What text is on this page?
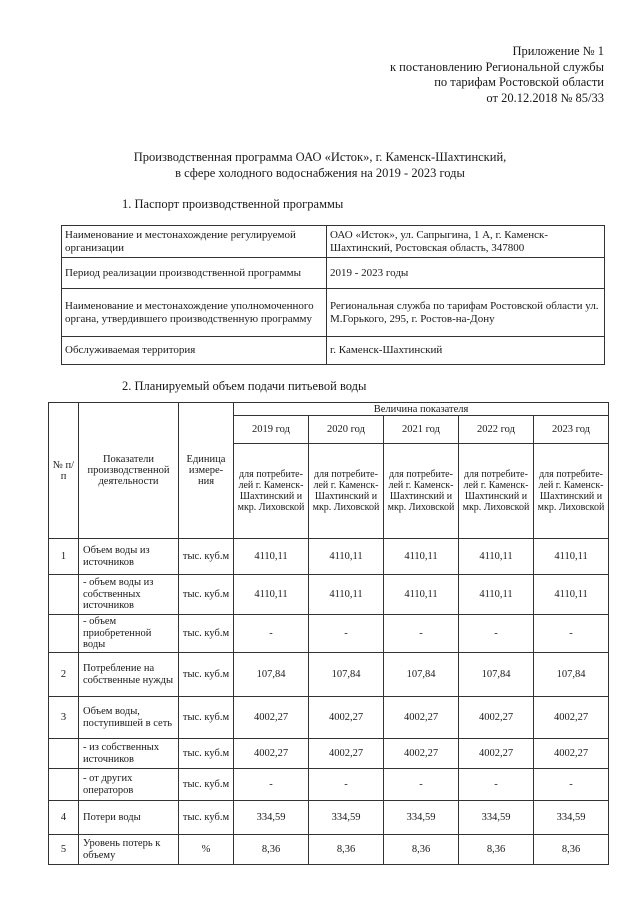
Приложение № 1
к постановлению Региональной службы
по тарифам Ростовской области
от 20.12.2018 № 85/33
Производственная программа ОАО «Исток», г. Каменск-Шахтинский,
в сфере холодного водоснабжения на 2019 - 2023 годы
1. Паспорт производственной программы
Наименование и местонахождение регулируемой организации	ОАО «Исток», ул. Сапрыгина, 1 А, г. Каменск-Шахтинский, Ростовская область, 347800
Период реализации производственной программы	2019 - 2023 годы
Наименование и местонахождение уполномоченного органа, утвердившего производственную программу	Региональная служба по тарифам Ростовской области ул. М.Горького, 295, г. Ростов-на-Дону
Обслуживаемая территория	г. Каменск-Шахтинский
2. Планируемый объем подачи питьевой воды
№ п/п	Показатели производственной деятельности	Единица измере-ния	Величина показателя				
			2019 год	2020 год	2021 год	2022 год	2023 год
			для потребите-лей г. Каменск-Шахтинский и мкр. Лиховской	для потребите-лей г. Каменск-Шахтинский и мкр. Лиховской	для потребите-лей г. Каменск-Шахтинский и мкр. Лиховской	для потребите-лей г. Каменск-Шахтинский и мкр. Лиховской	для потребите-лей г. Каменск-Шахтинский и мкр. Лиховской
1	Объем воды из источников	тыс. куб.м	4110,11	4110,11	4110,11	4110,11	4110,11
	- объем воды из собственных источников	тыс. куб.м	4110,11	4110,11	4110,11	4110,11	4110,11
	- объем приобретенной воды	тыс. куб.м	-	-	-	-	-
2	Потребление на собственные нужды	тыс. куб.м	107,84	107,84	107,84	107,84	107,84
3	Объем воды, поступившей в сеть	тыс. куб.м	4002,27	4002,27	4002,27	4002,27	4002,27
	- из собственных источников	тыс. куб.м	4002,27	4002,27	4002,27	4002,27	4002,27
	- от других операторов	тыс. куб.м	-	-	-	-	-
4	Потери воды	тыс. куб.м	334,59	334,59	334,59	334,59	334,59
5	Уровень потерь к объему	%	8,36	8,36	8,36	8,36	8,36
